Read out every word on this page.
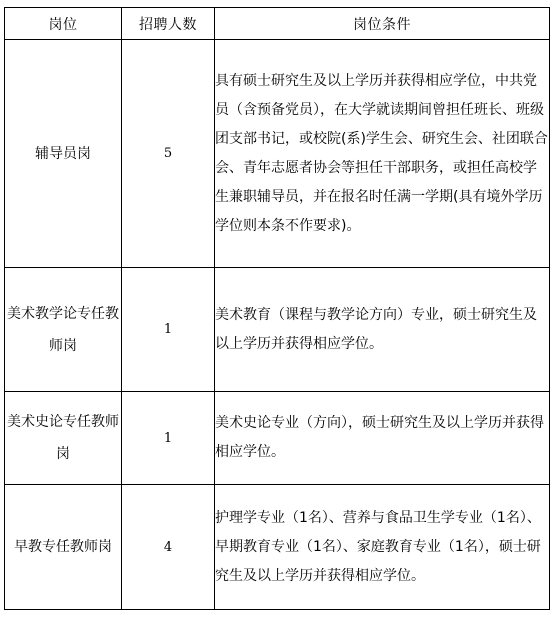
岗位	招聘人数	岗位条件
辅导员岗	5	具有硕士研究生及以上学历并获得相应学位，中共党员（含预备党员），在大学就读期间曾担任班长、班级团支部书记，或校院(系)学生会、研究生会、社团联合会、青年志愿者协会等担任干部职务，或担任高校学生兼职辅导员，并在报名时任满一学期(具有境外学历学位则本条不作要求)。
美术教学论专任教师岗	1	美术教育（课程与教学论方向）专业，硕士研究生及以上学历并获得相应学位。
美术史论专任教师岗	1	美术史论专业（方向），硕士研究生及以上学历并获得相应学位。
早教专任教师岗	4	护理学专业（1名）、营养与食品卫生学专业（1名）、早期教育专业（1名）、家庭教育专业（1名），硕士研究生及以上学历并获得相应学位。
